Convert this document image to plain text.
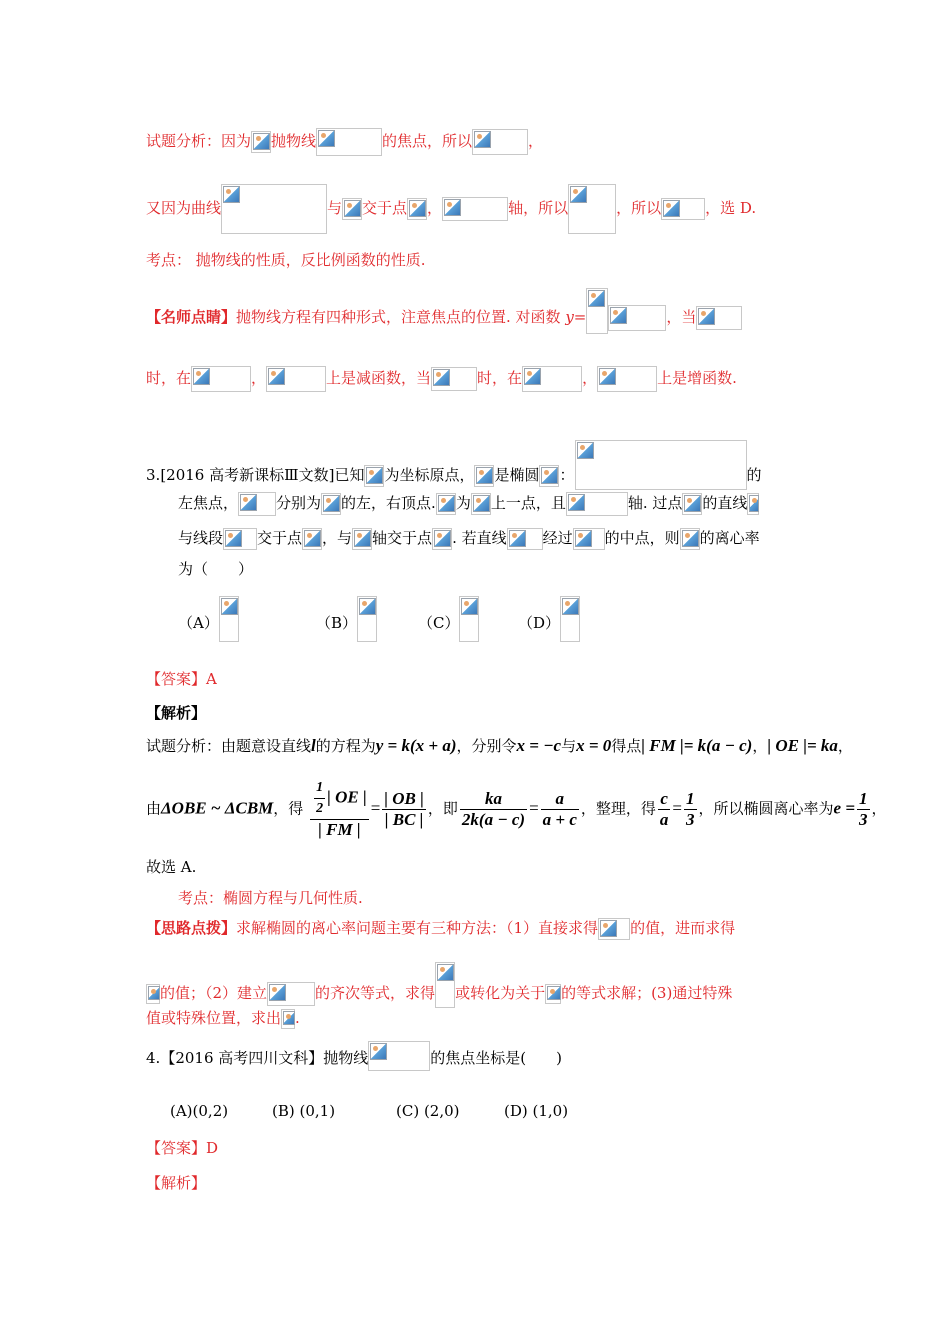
试题分析：因为 抛物线	的焦点，所以	，
又因为曲线	与 交于点 ，	轴，所以	，所以	，选 D.
考点： 抛物线的性质，反比例函数的性质.
【名师点睛】抛物线方程有四种形式，注意焦点的位置. 对函数 y=	，当
时，在	，	上是减函数，当	时，在	，	上是增函数.
3.[2016 高考新课标Ⅲ文数]已知 为坐标原点， 是椭圆 ：	的
左焦点，	分别为 的左，右顶点. 为 上一点，且	轴. 过点 的直线
与线段 交于点 ，与 轴交于点 . 若直线 经过 的中点，则 的离心率
为（　　）
（A）	（B）	（C）	（D）
【答案】A
【解析】
试题分析：由题意设直线l的方程为y = k(x + a)，分别令x = −c与x = 0得点| FM |= k(a − c)，| OE |= ka，
由ΔOBE ~ ΔCBM，得 $\frac{\frac{1}{2} | OE |}{| FM |} = \frac{| OB |}{| BC |}$ ，即 $\frac{ka}{2k(a - c)} = \frac{a}{a + c}$ ，整理，得 $\frac{c}{a} = \frac{1}{3}$ ，所以椭圆离心率为$e = \frac{1}{3}$ ，
故选 A.
考点：椭圆方程与几何性质.
【思路点拨】求解椭圆的离心率问题主要有三种方法：（1）直接求得 的值，进而求得
的值；（2）建立	的齐次等式，求得 或转化为关于 的等式求解；(3)通过特殊
值或特殊位置，求出 .
4.【2016 高考四川文科】抛物线	的焦点坐标是(　　)
(A)(0,2)	(B) (0,1)	(C) (2,0)	(D) (1,0)
【答案】D
【解析】
